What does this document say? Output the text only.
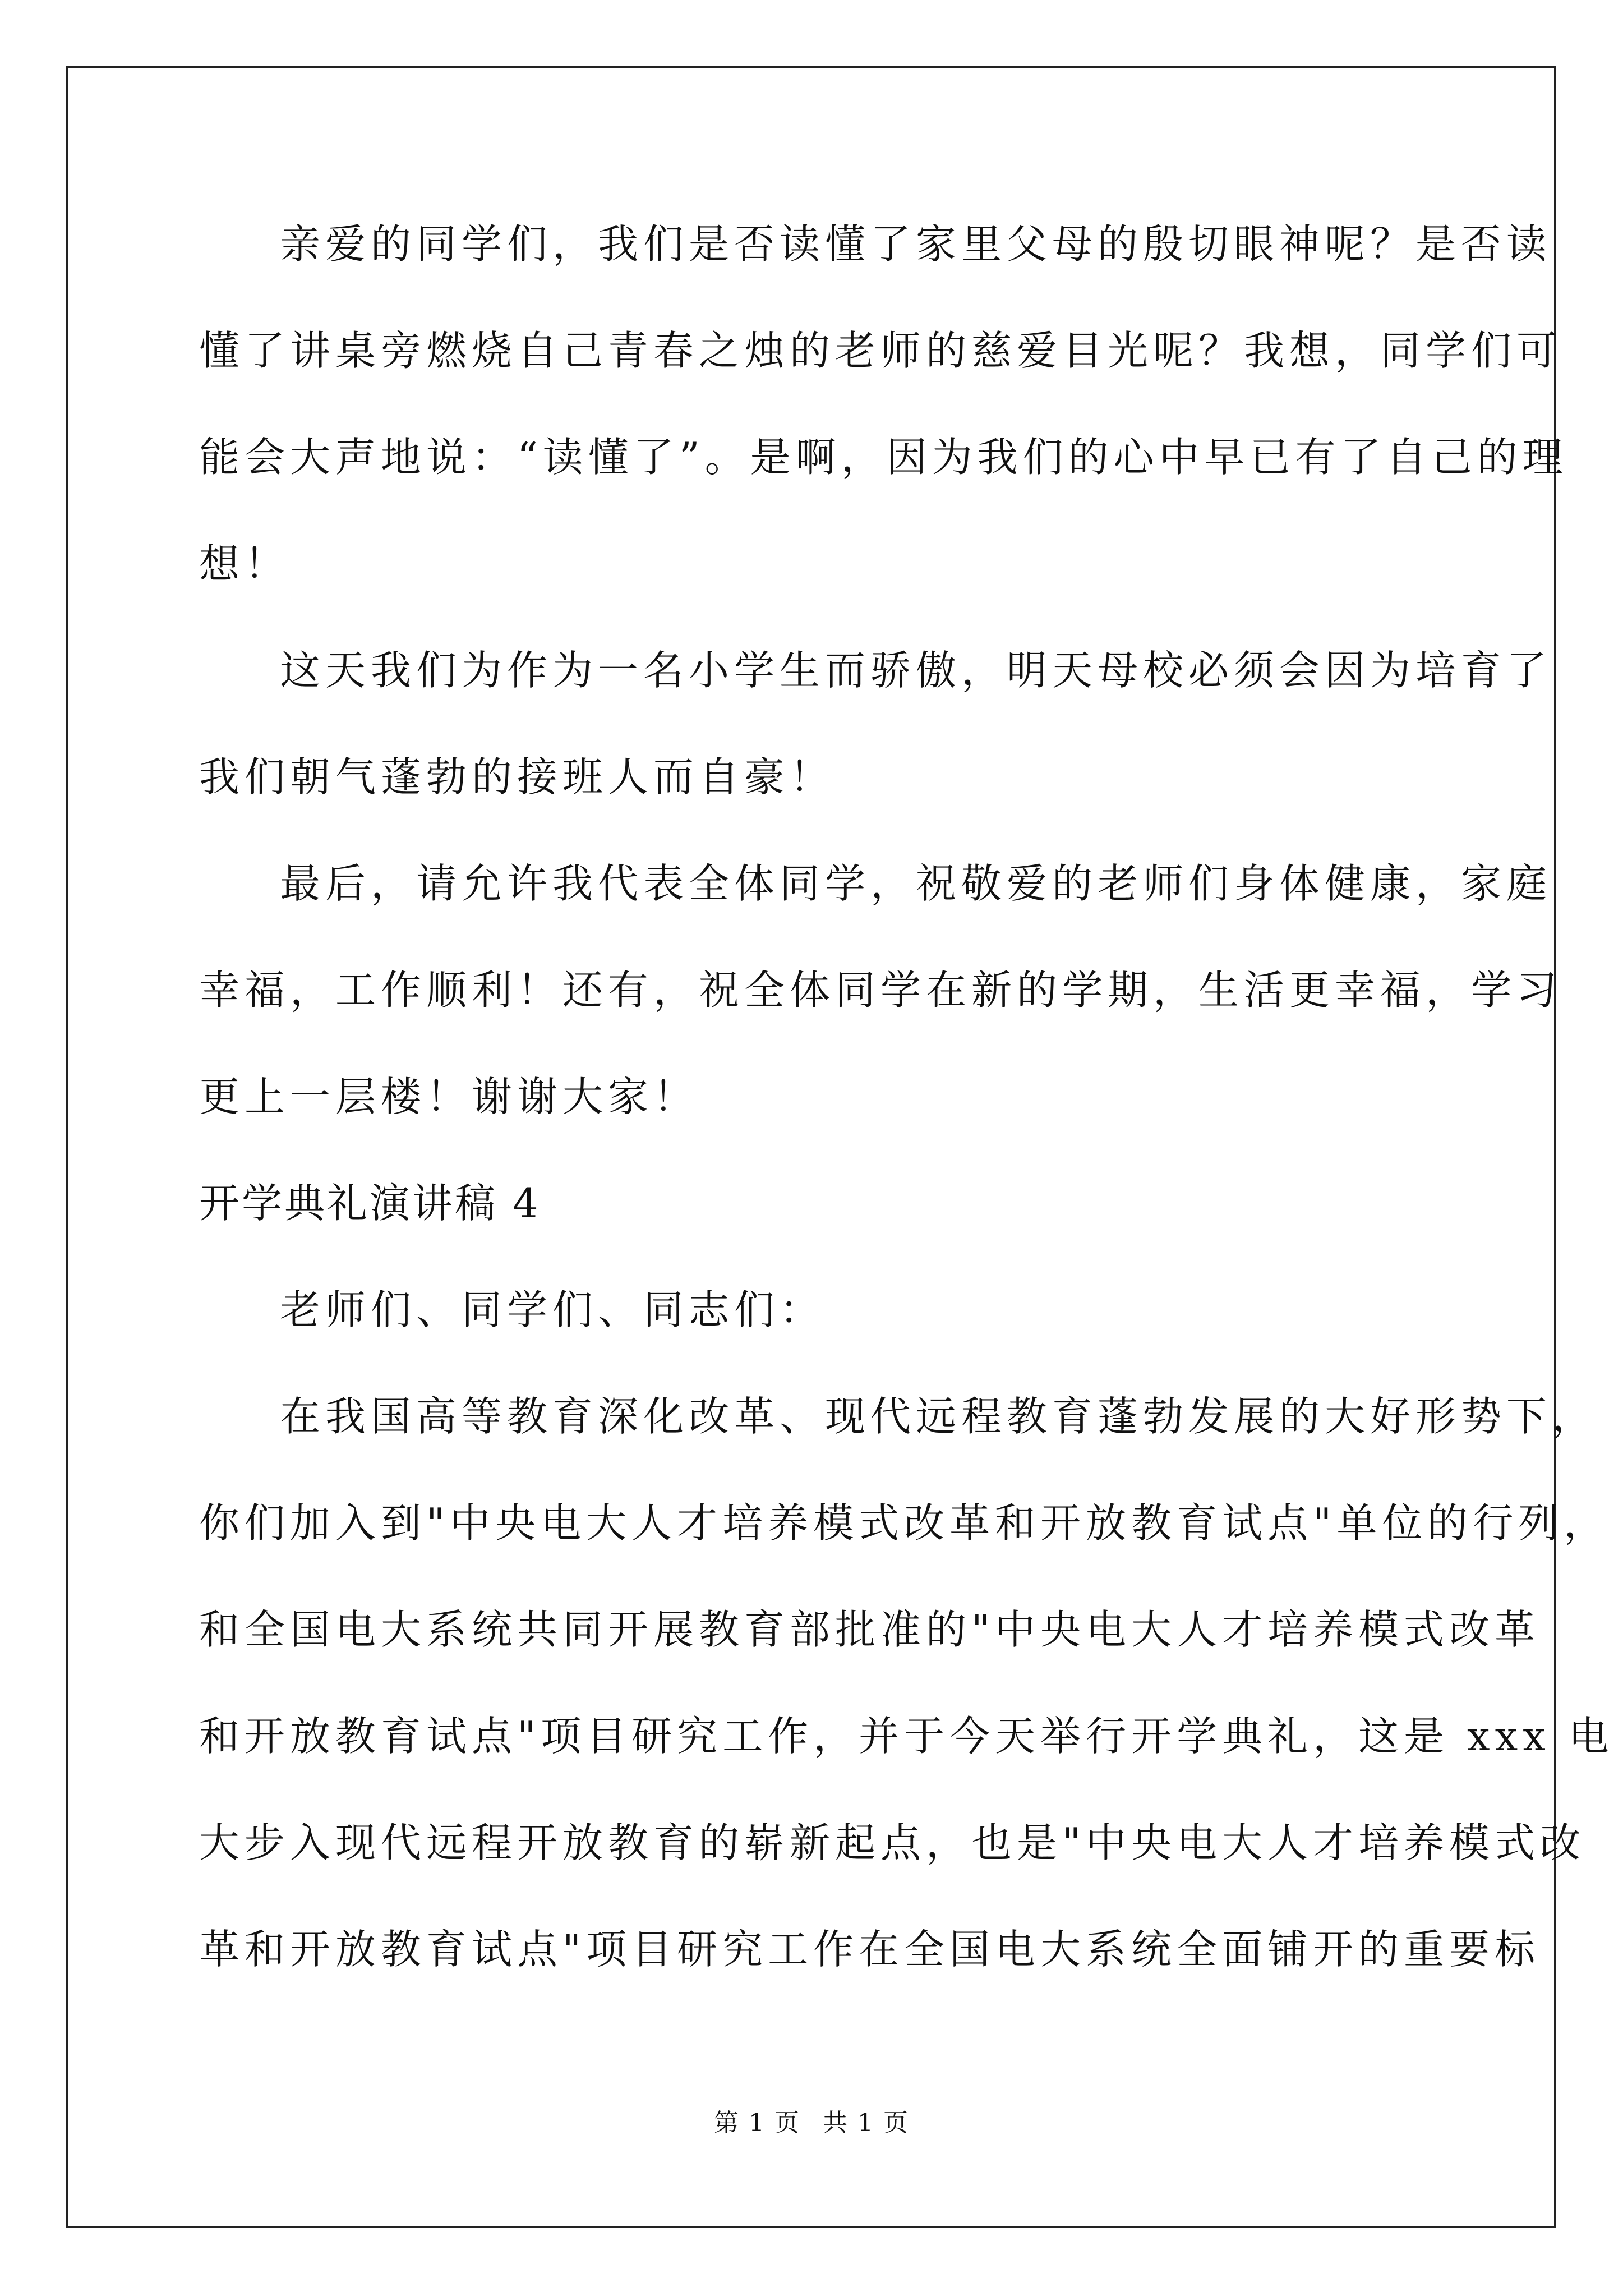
亲爱的同学们，我们是否读懂了家里父母的殷切眼神呢？是否读
懂了讲桌旁燃烧自己青春之烛的老师的慈爱目光呢？我想，同学们可
能会大声地说：“读懂了”。是啊，因为我们的心中早已有了自己的理
想！
这天我们为作为一名小学生而骄傲，明天母校必须会因为培育了
我们朝气蓬勃的接班人而自豪！
最后，请允许我代表全体同学，祝敬爱的老师们身体健康，家庭
幸福，工作顺利！还有，祝全体同学在新的学期，生活更幸福，学习
更上一层楼！谢谢大家！
开学典礼演讲稿 4
老师们、同学们、同志们：
在我国高等教育深化改革、现代远程教育蓬勃发展的大好形势下，
你们加入到"中央电大人才培养模式改革和开放教育试点"单位的行列，
和全国电大系统共同开展教育部批准的"中央电大人才培养模式改革
和开放教育试点"项目研究工作，并于今天举行开学典礼，这是 xxx 电
大步入现代远程开放教育的崭新起点，也是"中央电大人才培养模式改
革和开放教育试点"项目研究工作在全国电大系统全面铺开的重要标
第 1 页 共 1 页
